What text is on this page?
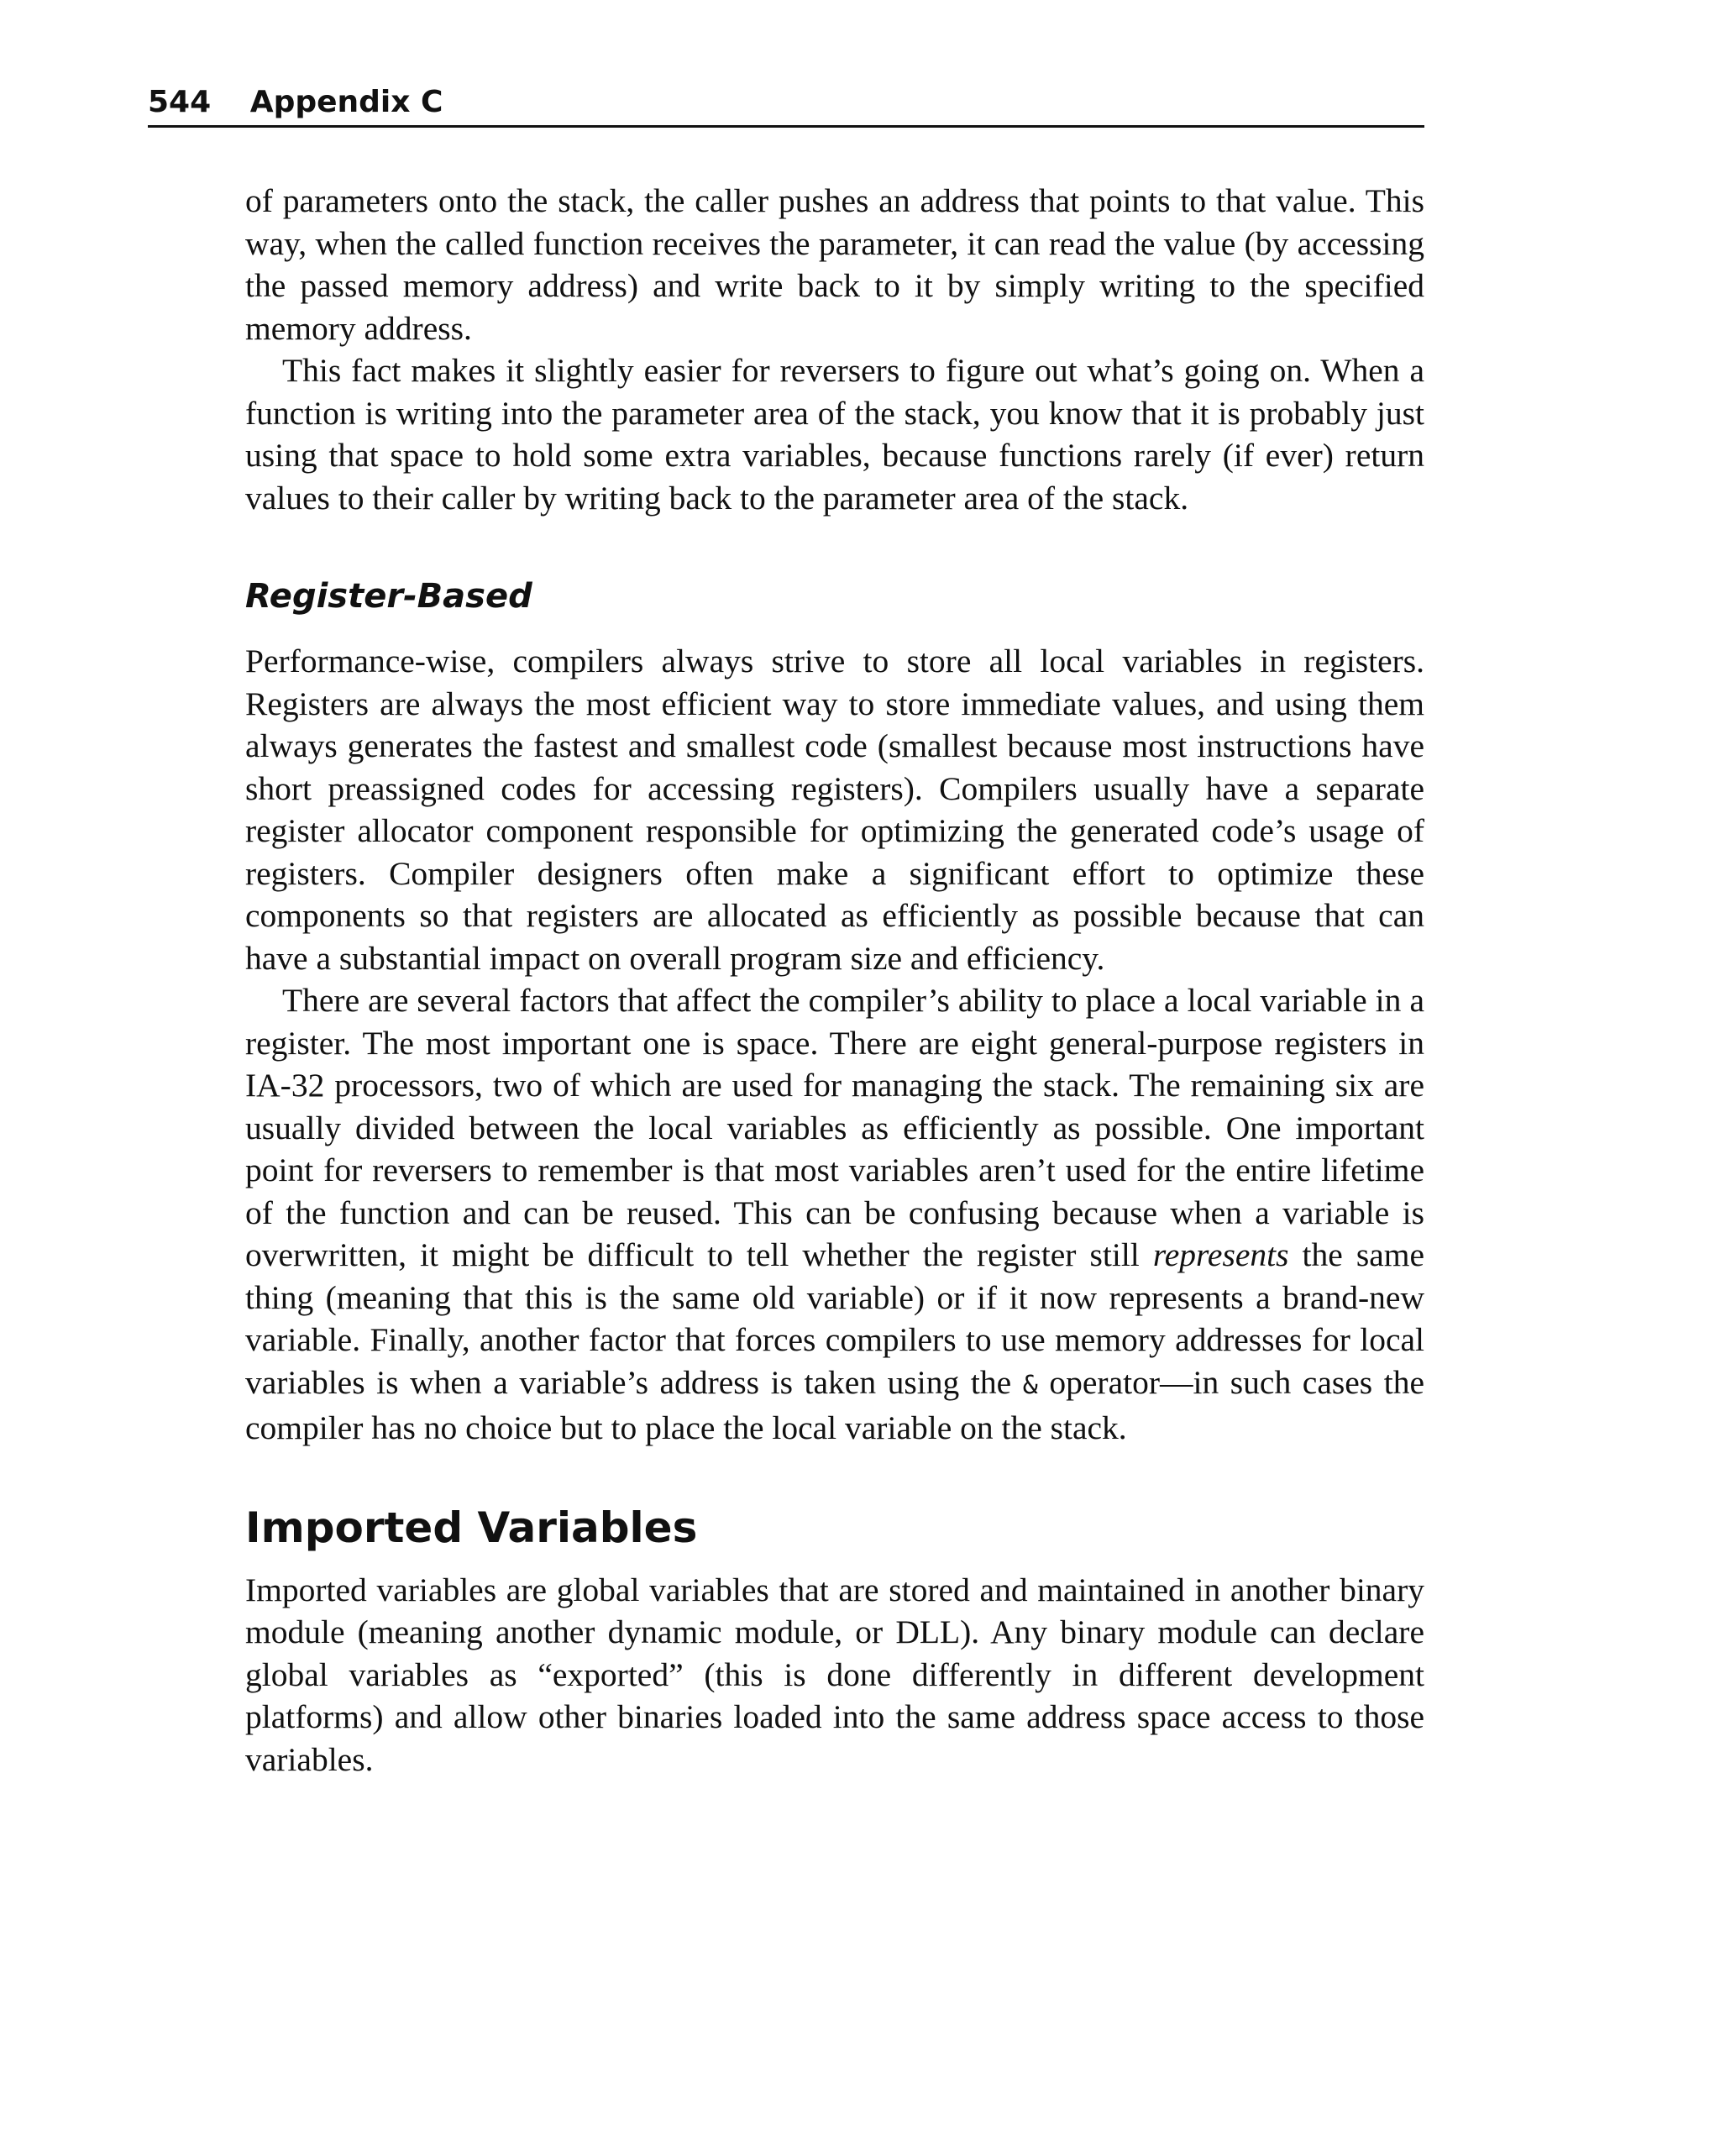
544 Appendix C

of parameters onto the stack, the caller pushes an address that points to that value. This way, when the called function receives the parameter, it can read the value (by accessing the passed memory address) and write back to it by simply writing to the specified memory address.

This fact makes it slightly easier for reversers to figure out what’s going on. When a function is writing into the parameter area of the stack, you know that it is probably just using that space to hold some extra variables, because functions rarely (if ever) return values to their caller by writing back to the parameter area of the stack.

Register-Based

Performance-wise, compilers always strive to store all local variables in registers. Registers are always the most efficient way to store immediate values, and using them always generates the fastest and smallest code (smallest because most instructions have short preassigned codes for accessing registers). Compilers usually have a separate register allocator component responsible for optimizing the generated code’s usage of registers. Compiler designers often make a significant effort to optimize these components so that registers are allocated as efficiently as possible because that can have a substantial impact on overall program size and efficiency.

There are several factors that affect the compiler’s ability to place a local variable in a register. The most important one is space. There are eight general-purpose registers in IA-32 processors, two of which are used for managing the stack. The remaining six are usually divided between the local variables as efficiently as possible. One important point for reversers to remember is that most variables aren’t used for the entire lifetime of the function and can be reused. This can be confusing because when a variable is overwritten, it might be difficult to tell whether the register still represents the same thing (meaning that this is the same old variable) or if it now represents a brand-new variable. Finally, another factor that forces compilers to use memory addresses for local variables is when a variable’s address is taken using the & operator—in such cases the compiler has no choice but to place the local variable on the stack.

Imported Variables

Imported variables are global variables that are stored and maintained in another binary module (meaning another dynamic module, or DLL). Any binary module can declare global variables as “exported” (this is done differently in different development platforms) and allow other binaries loaded into the same address space access to those variables.
